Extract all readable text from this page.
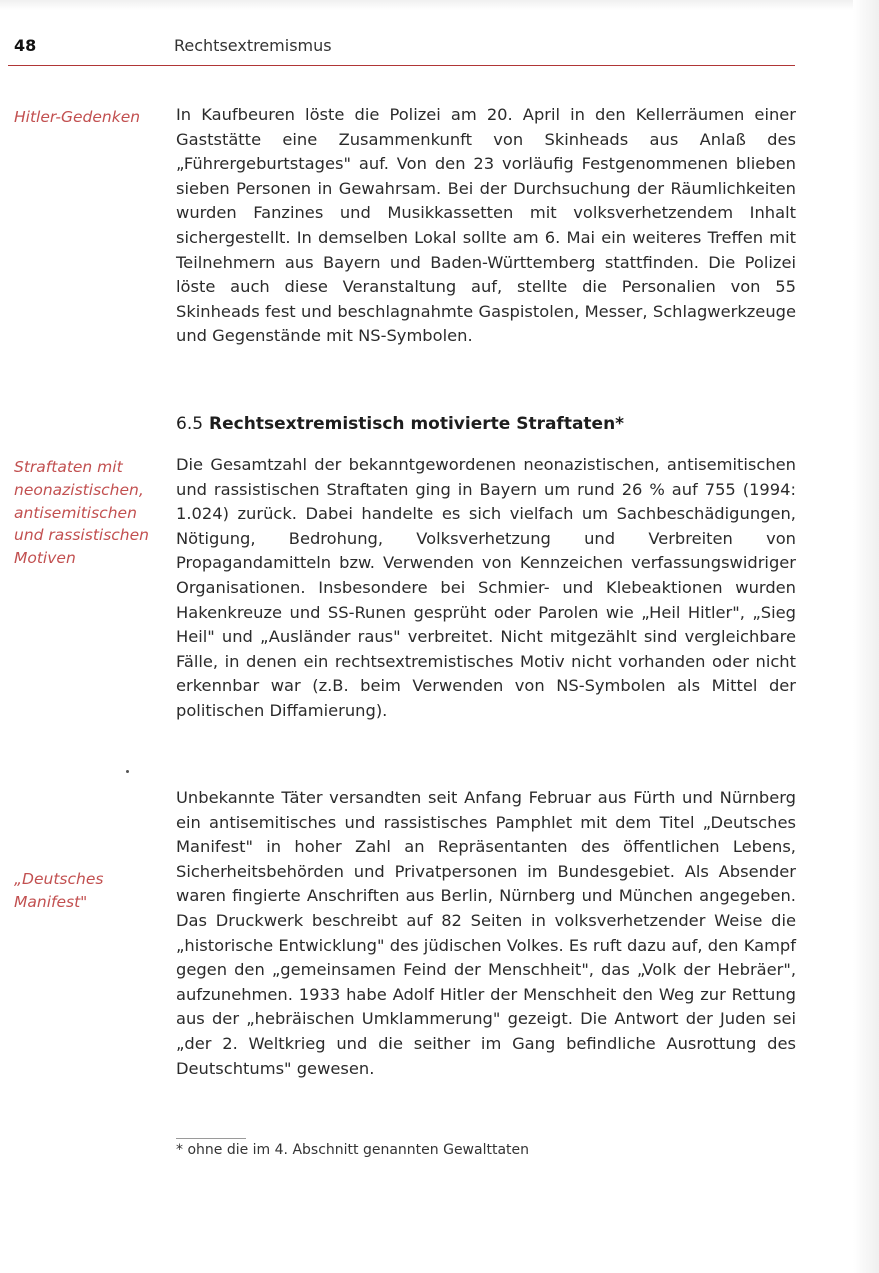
48	Rechtsextremismus
Hitler-Gedenken	In Kaufbeuren löste die Polizei am 20. April in den Kellerräumen einer Gaststätte eine Zusammenkunft von Skinheads aus Anlaß des „Führergeburtstages" auf. Von den 23 vorläufig Festgenommenen blieben sieben Personen in Gewahrsam. Bei der Durchsuchung der Räumlichkeiten wurden Fanzines und Musikkassetten mit volksverhetzendem Inhalt sichergestellt. In demselben Lokal sollte am 6. Mai ein weiteres Treffen mit Teilnehmern aus Bayern und Baden-Württemberg stattfinden. Die Polizei löste auch diese Veranstaltung auf, stellte die Personalien von 55 Skinheads fest und beschlagnahmte Gaspistolen, Messer, Schlagwerkzeuge und Gegenstände mit NS-Symbolen.

6.5 Rechtsextremistisch motivierte Straftaten*
Straftaten mit neonazistischen, antisemitischen und rassistischen Motiven

Die Gesamtzahl der bekanntgewordenen neonazistischen, antisemitischen und rassistischen Straftaten ging in Bayern um rund 26 % auf 755 (1994: 1.024) zurück. Dabei handelte es sich vielfach um Sachbeschädigungen, Nötigung, Bedrohung, Volksverhetzung und Verbreiten von Propagandamitteln bzw. Verwenden von Kennzeichen verfassungswidriger Organisationen. Insbesondere bei Schmier- und Klebeaktionen wurden Hakenkreuze und SS-Runen gesprüht oder Parolen wie „Heil Hitler", „Sieg Heil" und „Ausländer raus" verbreitet. Nicht mitgezählt sind vergleichbare Fälle, in denen ein rechtsextremistisches Motiv nicht vorhanden oder nicht erkennbar war (z.B. beim Verwenden von NS-Symbolen als Mittel der politischen Diffamierung).

„Deutsches Manifest"

Unbekannte Täter versandten seit Anfang Februar aus Fürth und Nürnberg ein antisemitisches und rassistisches Pamphlet mit dem Titel „Deutsches Manifest" in hoher Zahl an Repräsentanten des öffentlichen Lebens, Sicherheitsbehörden und Privatpersonen im Bundesgebiet. Als Absender waren fingierte Anschriften aus Berlin, Nürnberg und München angegeben. Das Druckwerk beschreibt auf 82 Seiten in volksverhetzender Weise die „historische Entwicklung" des jüdischen Volkes. Es ruft dazu auf, den Kampf gegen den „gemeinsamen Feind der Menschheit", das „Volk der Hebräer", aufzunehmen. 1933 habe Adolf Hitler der Menschheit den Weg zur Rettung aus der „hebräischen Umklammerung" gezeigt. Die Antwort der Juden sei „der 2. Weltkrieg und die seither im Gang befindliche Ausrottung des Deutschtums" gewesen.

* ohne die im 4. Abschnitt genannten Gewalttaten
